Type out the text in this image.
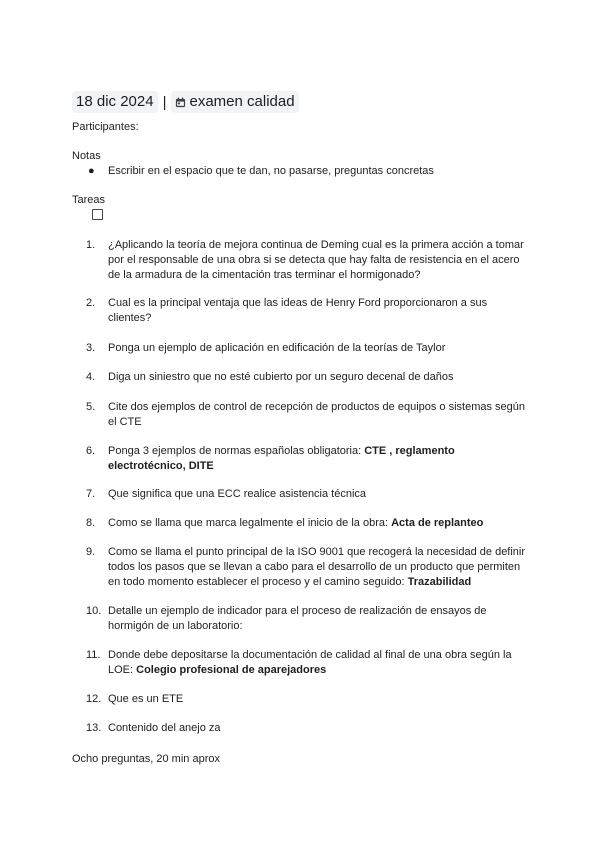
18 dic 2024 | examen calidad
Participantes:
Notas
●	Escribir en el espacio que te dan, no pasarse, preguntas concretas
Tareas
1.	¿Aplicando la teoría de mejora continua de Deming cual es la primera acción a tomar por el responsable de una obra si se detecta que hay falta de resistencia en el acero de la armadura de la cimentación tras terminar el hormigonado?
2.	Cual es la principal ventaja que las ideas de Henry Ford proporcionaron a sus clientes?
3.	Ponga un ejemplo de aplicación en edificación de la teorías de Taylor
4.	Diga un siniestro que no esté cubierto por un seguro decenal de daños
5.	Cite dos ejemplos de control de recepción de productos de equipos o sistemas según el CTE
6.	Ponga 3 ejemplos de normas españolas obligatoria: CTE , reglamento electrotécnico, DITE
7.	Que significa que una ECC realice asistencia técnica
8.	Como se llama que marca legalmente el inicio de la obra: Acta de replanteo
9.	Como se llama el punto principal de la ISO 9001 que recogerá la necesidad de definir todos los pasos que se llevan a cabo para el desarrollo de un producto que permiten en todo momento establecer el proceso y el camino seguido: Trazabilidad
10. Detalle un ejemplo de indicador para el proceso de realización de ensayos de hormigón de un laboratorio:
11. Donde debe depositarse la documentación de calidad al final de una obra según la LOE: Colegio profesional de aparejadores
12. Que es un ETE
13. Contenido del anejo za
Ocho preguntas, 20 min aprox
